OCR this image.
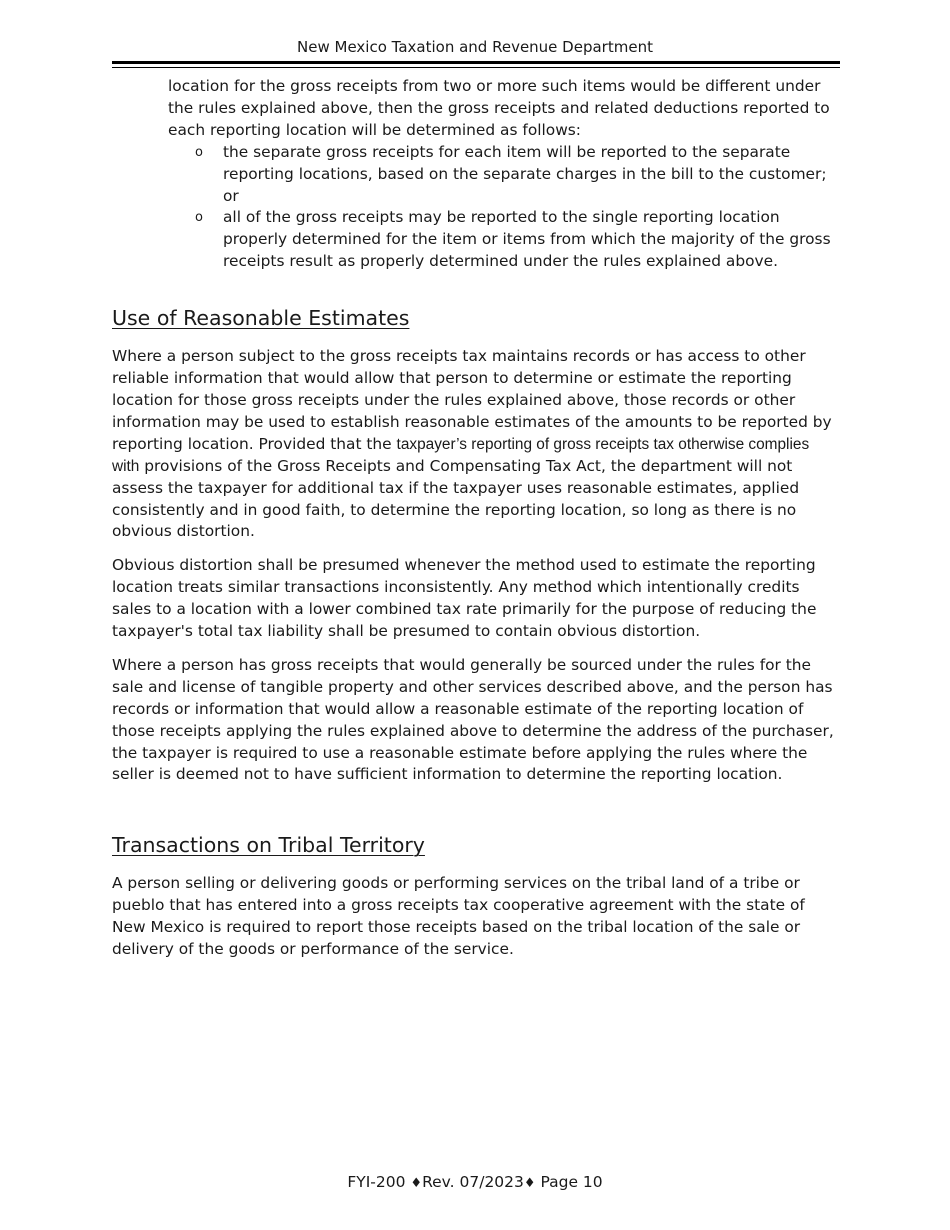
New Mexico Taxation and Revenue Department

location for the gross receipts from two or more such items would be different under the rules explained above, then the gross receipts and related deductions reported to each reporting location will be determined as follows:

o the separate gross receipts for each item will be reported to the separate reporting locations, based on the separate charges in the bill to the customer; or
o all of the gross receipts may be reported to the single reporting location properly determined for the item or items from which the majority of the gross receipts result as properly determined under the rules explained above.
Use of Reasonable Estimates

Where a person subject to the gross receipts tax maintains records or has access to other reliable information that would allow that person to determine or estimate the reporting location for those gross receipts under the rules explained above, those records or other information may be used to establish reasonable estimates of the amounts to be reported by reporting location. Provided that the taxpayer’s reporting of gross receipts tax otherwise complies with provisions of the Gross Receipts and Compensating Tax Act, the department will not assess the taxpayer for additional tax if the taxpayer uses reasonable estimates, applied consistently and in good faith, to determine the reporting location, so long as there is no obvious distortion.

Obvious distortion shall be presumed whenever the method used to estimate the reporting location treats similar transactions inconsistently. Any method which intentionally credits sales to a location with a lower combined tax rate primarily for the purpose of reducing the taxpayer's total tax liability shall be presumed to contain obvious distortion.

Where a person has gross receipts that would generally be sourced under the rules for the sale and license of tangible property and other services described above, and the person has records or information that would allow a reasonable estimate of the reporting location of those receipts applying the rules explained above to determine the address of the purchaser, the taxpayer is required to use a reasonable estimate before applying the rules where the seller is deemed not to have sufficient information to determine the reporting location.

Transactions on Tribal Territory

A person selling or delivering goods or performing services on the tribal land of a tribe or pueblo that has entered into a gross receipts tax cooperative agreement with the state of New Mexico is required to report those receipts based on the tribal location of the sale or delivery of the goods or performance of the service.

FYI-200 ♦Rev. 07/2023♦ Page 10
